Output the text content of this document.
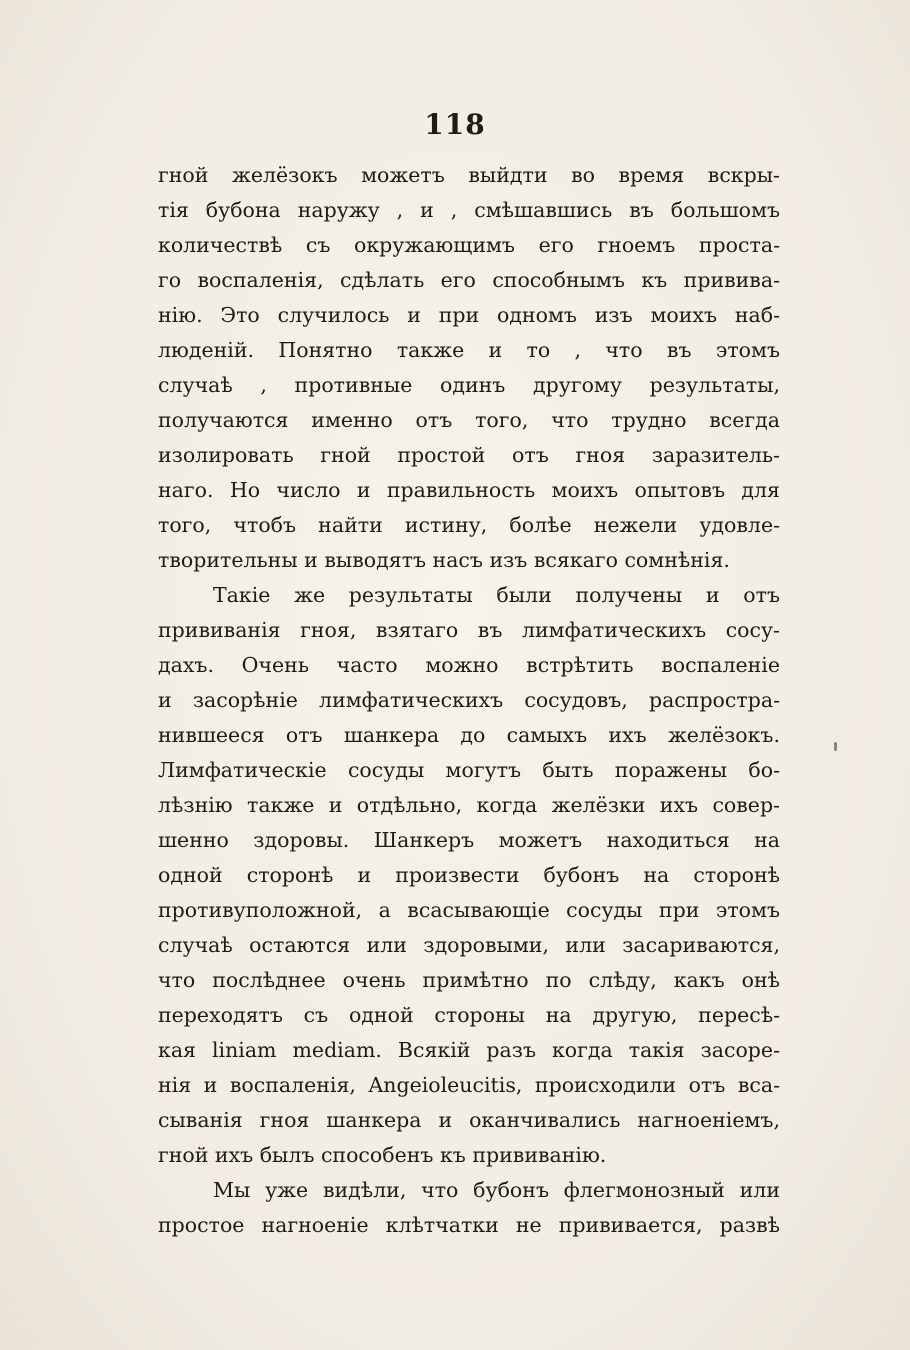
118
гной желёзокъ можетъ выйдти во время вскры-
тія бубона наружу , и , смѣшавшись въ большомъ
количествѣ съ окружающимъ его гноемъ проста-
го воспаленія, сдѣлать его способнымъ къ привива-
нію. Это случилось и при одномъ изъ моихъ наб-
люденій. Понятно также и то , что въ этомъ
случаѣ , противные одинъ другому результаты,
получаются именно отъ того, что трудно всегда
изолировать гной простой отъ гноя заразитель-
наго. Но число и правильность моихъ опытовъ для
того, чтобъ найти истину, болѣе нежели удовле-
творительны и выводятъ насъ изъ всякаго сомнѣнія.
Такіе же результаты были получены и отъ
прививанія гноя, взятаго въ лимфатическихъ сосу-
дахъ. Очень часто можно встрѣтить воспаленіе
и засорѣніе лимфатическихъ сосудовъ, распростра-
нившееся отъ шанкера до самыхъ ихъ желёзокъ.
Лимфатическіе сосуды могутъ быть поражены бо-
лѣзнію также и отдѣльно, когда желёзки ихъ совер-
шенно здоровы. Шанкеръ можетъ находиться на
одной сторонѣ и произвести бубонъ на сторонѣ
противуположной, а всасывающіе сосуды при этомъ
случаѣ остаются или здоровыми, или засариваются,
что послѣднее очень примѣтно по слѣду, какъ онѣ
переходятъ съ одной стороны на другую, пересѣ-
кая liniam mediam. Всякій разъ когда такія засоре-
нія и воспаленія, Angeioleucitis, происходили отъ вса-
сыванія гноя шанкера и оканчивались нагноеніемъ,
гной ихъ былъ способенъ къ прививанію.
Мы уже видѣли, что бубонъ флегмонозный или
простое нагноеніе клѣтчатки не прививается, развѣ
